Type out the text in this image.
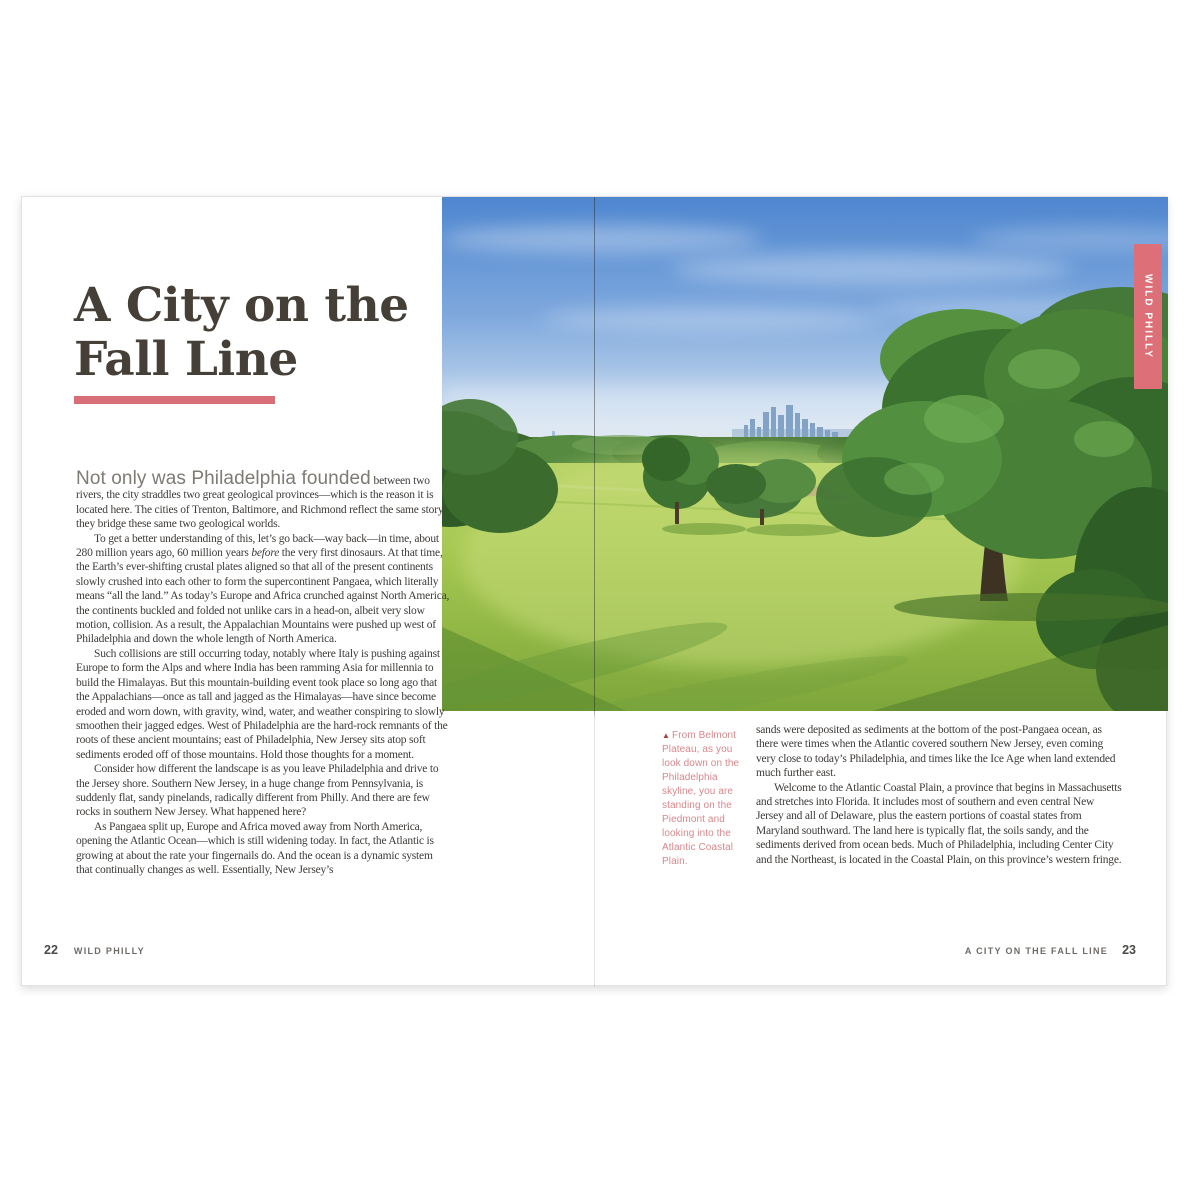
WILD PHILLY
A City on the
Fall Line

Not only was Philadelphia founded between two rivers, the city straddles two great geological provinces—which is the reason it is located here. The cities of Trenton, Baltimore, and Richmond reflect the same story: they bridge these same two geological worlds.

To get a better understanding of this, let’s go back—way back—in time, about 280 million years ago, 60 million years before the very first dinosaurs. At that time, the Earth’s ever-shifting crustal plates aligned so that all of the present continents slowly crushed into each other to form the supercontinent Pangaea, which literally means “all the land.” As today’s Europe and Africa crunched against North America, the continents buckled and folded not unlike cars in a head-on, albeit very slow motion, collision. As a result, the Appalachian Mountains were pushed up west of Philadelphia and down the whole length of North America.

Such collisions are still occurring today, notably where Italy is pushing against Europe to form the Alps and where India has been ramming Asia for millennia to build the Himalayas. But this mountain-building event took place so long ago that the Appalachians—once as tall and jagged as the Himalayas—have since become eroded and worn down, with gravity, wind, water, and weather conspiring to slowly smoothen their jagged edges. West of Philadelphia are the hard-rock remnants of the roots of these ancient mountains; east of Philadelphia, New Jersey sits atop soft sediments eroded off of those mountains. Hold those thoughts for a moment.

Consider how different the landscape is as you leave Philadelphia and drive to the Jersey shore. Southern New Jersey, in a huge change from Pennsylvania, is suddenly flat, sandy pinelands, radically different from Philly. And there are few rocks in southern New Jersey. What happened here?

As Pangaea split up, Europe and Africa moved away from North America, opening the Atlantic Ocean—which is still widening today. In fact, the Atlantic is growing at about the rate your fingernails do. And the ocean is a dynamic system that continually changes as well. Essentially, New Jersey’s

22 WILD PHILLY
▲ From Belmont Plateau, as you look down on the Philadelphia skyline, you are standing on the Piedmont and looking into the Atlantic Coastal Plain.

sands were deposited as sediments at the bottom of the post-Pangaea ocean, as there were times when the Atlantic covered southern New Jersey, even coming very close to today’s Philadelphia, and times like the Ice Age when land extended much further east.

Welcome to the Atlantic Coastal Plain, a province that begins in Massachusetts and stretches into Florida. It includes most of southern and even central New Jersey and all of Delaware, plus the eastern portions of coastal states from Maryland southward. The land here is typically flat, the soils sandy, and the sediments derived from ocean beds. Much of Philadelphia, including Center City and the Northeast, is located in the Coastal Plain, on this province’s western fringe.

A CITY ON THE FALL LINE 23
